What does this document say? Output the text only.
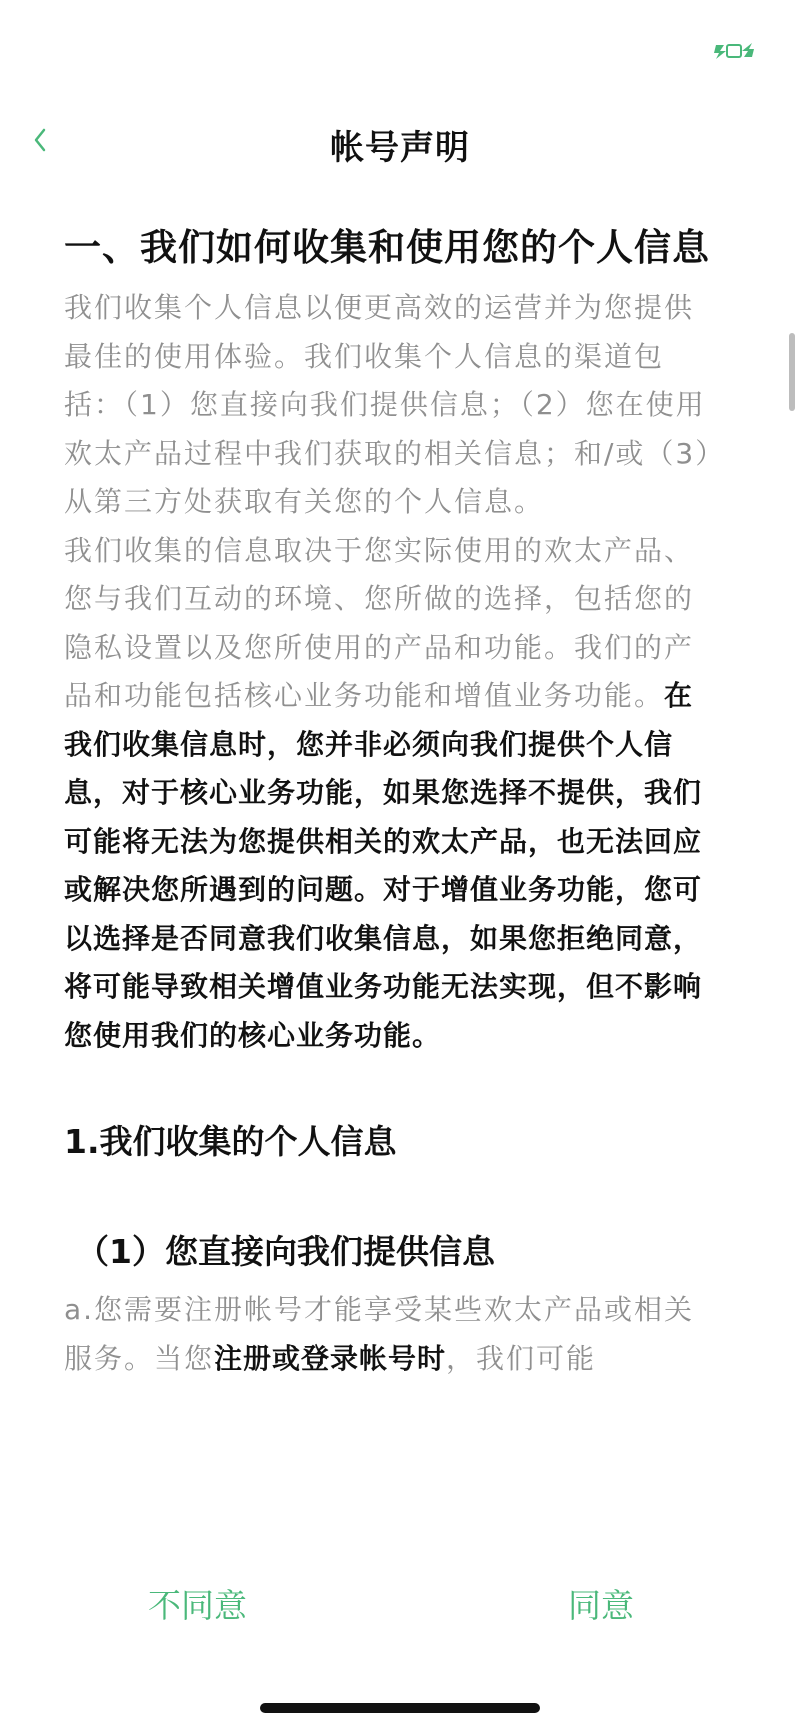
帐号声明
一、我们如何收集和使用您的个人信息

我们收集个人信息以便更高效的运营并为您提供最佳的使用体验。我们收集个人信息的渠道包括：（1）您直接向我们提供信息；（2）您在使用欢太产品过程中我们获取的相关信息；和/或（3）从第三方处获取有关您的个人信息。

我们收集的信息取决于您实际使用的欢太产品、您与我们互动的环境、您所做的选择，包括您的隐私设置以及您所使用的产品和功能。我们的产品和功能包括核心业务功能和增值业务功能。在我们收集信息时，您并非必须向我们提供个人信息，对于核心业务功能，如果您选择不提供，我们可能将无法为您提供相关的欢太产品，也无法回应或解决您所遇到的问题。对于增值业务功能，您可以选择是否同意我们收集信息，如果您拒绝同意，将可能导致相关增值业务功能无法实现，但不影响您使用我们的核心业务功能。

1.我们收集的个人信息
（1）您直接向我们提供信息

a.您需要注册帐号才能享受某些欢太产品或相关服务。当您注册或登录帐号时，我们可能

不同意	同意
